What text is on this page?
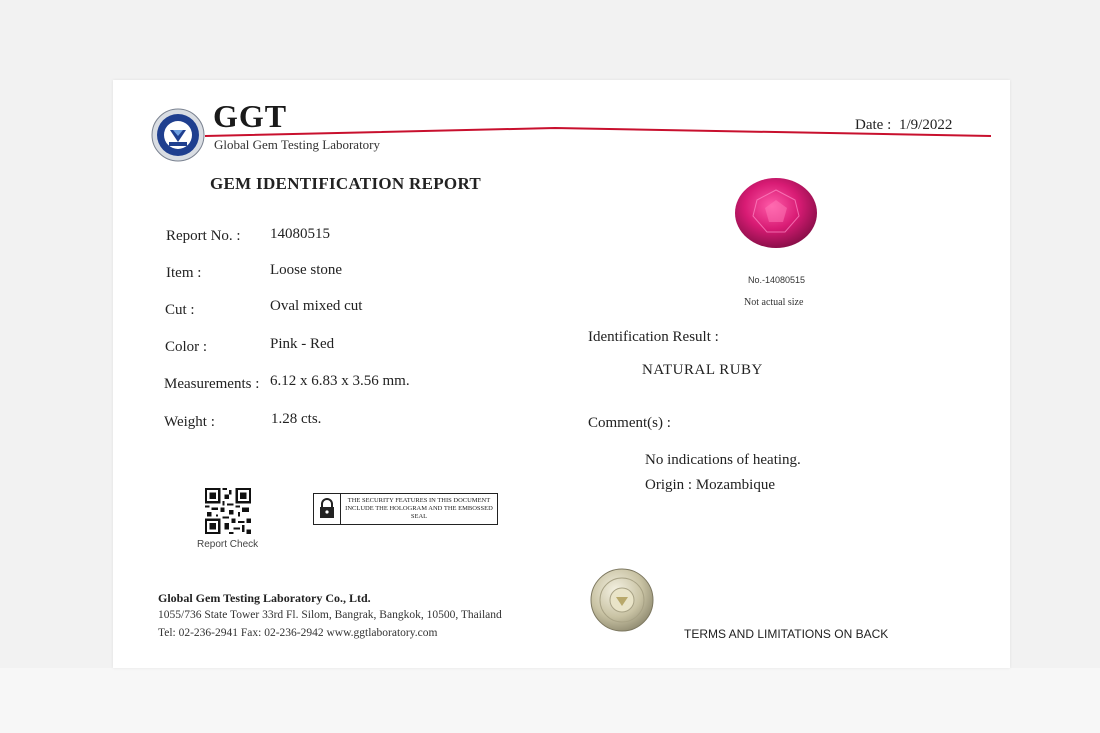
GGT
Global Gem Testing Laboratory
Date : 1/9/2022
GEM IDENTIFICATION REPORT
Report No. : 14080515
Item :	Loose stone
Cut :	Oval mixed cut
Color :	Pink - Red
Measurements : 6.12 x 6.83 x 3.56 mm.
Weight :	1.28 cts.
No.-14080515
Not actual size
Identification Result :
NATURAL RUBY
Comment(s) :
No indications of heating.
Origin : Mozambique
Report Check
THE SECURITY FEATURES IN THIS DOCUMENT INCLUDE THE HOLOGRAM AND THE EMBOSSED SEAL
Global Gem Testing Laboratory Co., Ltd.
1055/736 State Tower 33rd Fl. Silom, Bangrak, Bangkok, 10500, Thailand
Tel: 02-236-2941 Fax: 02-236-2942 www.ggtlaboratory.com	TERMS AND LIMITATIONS ON BACK
